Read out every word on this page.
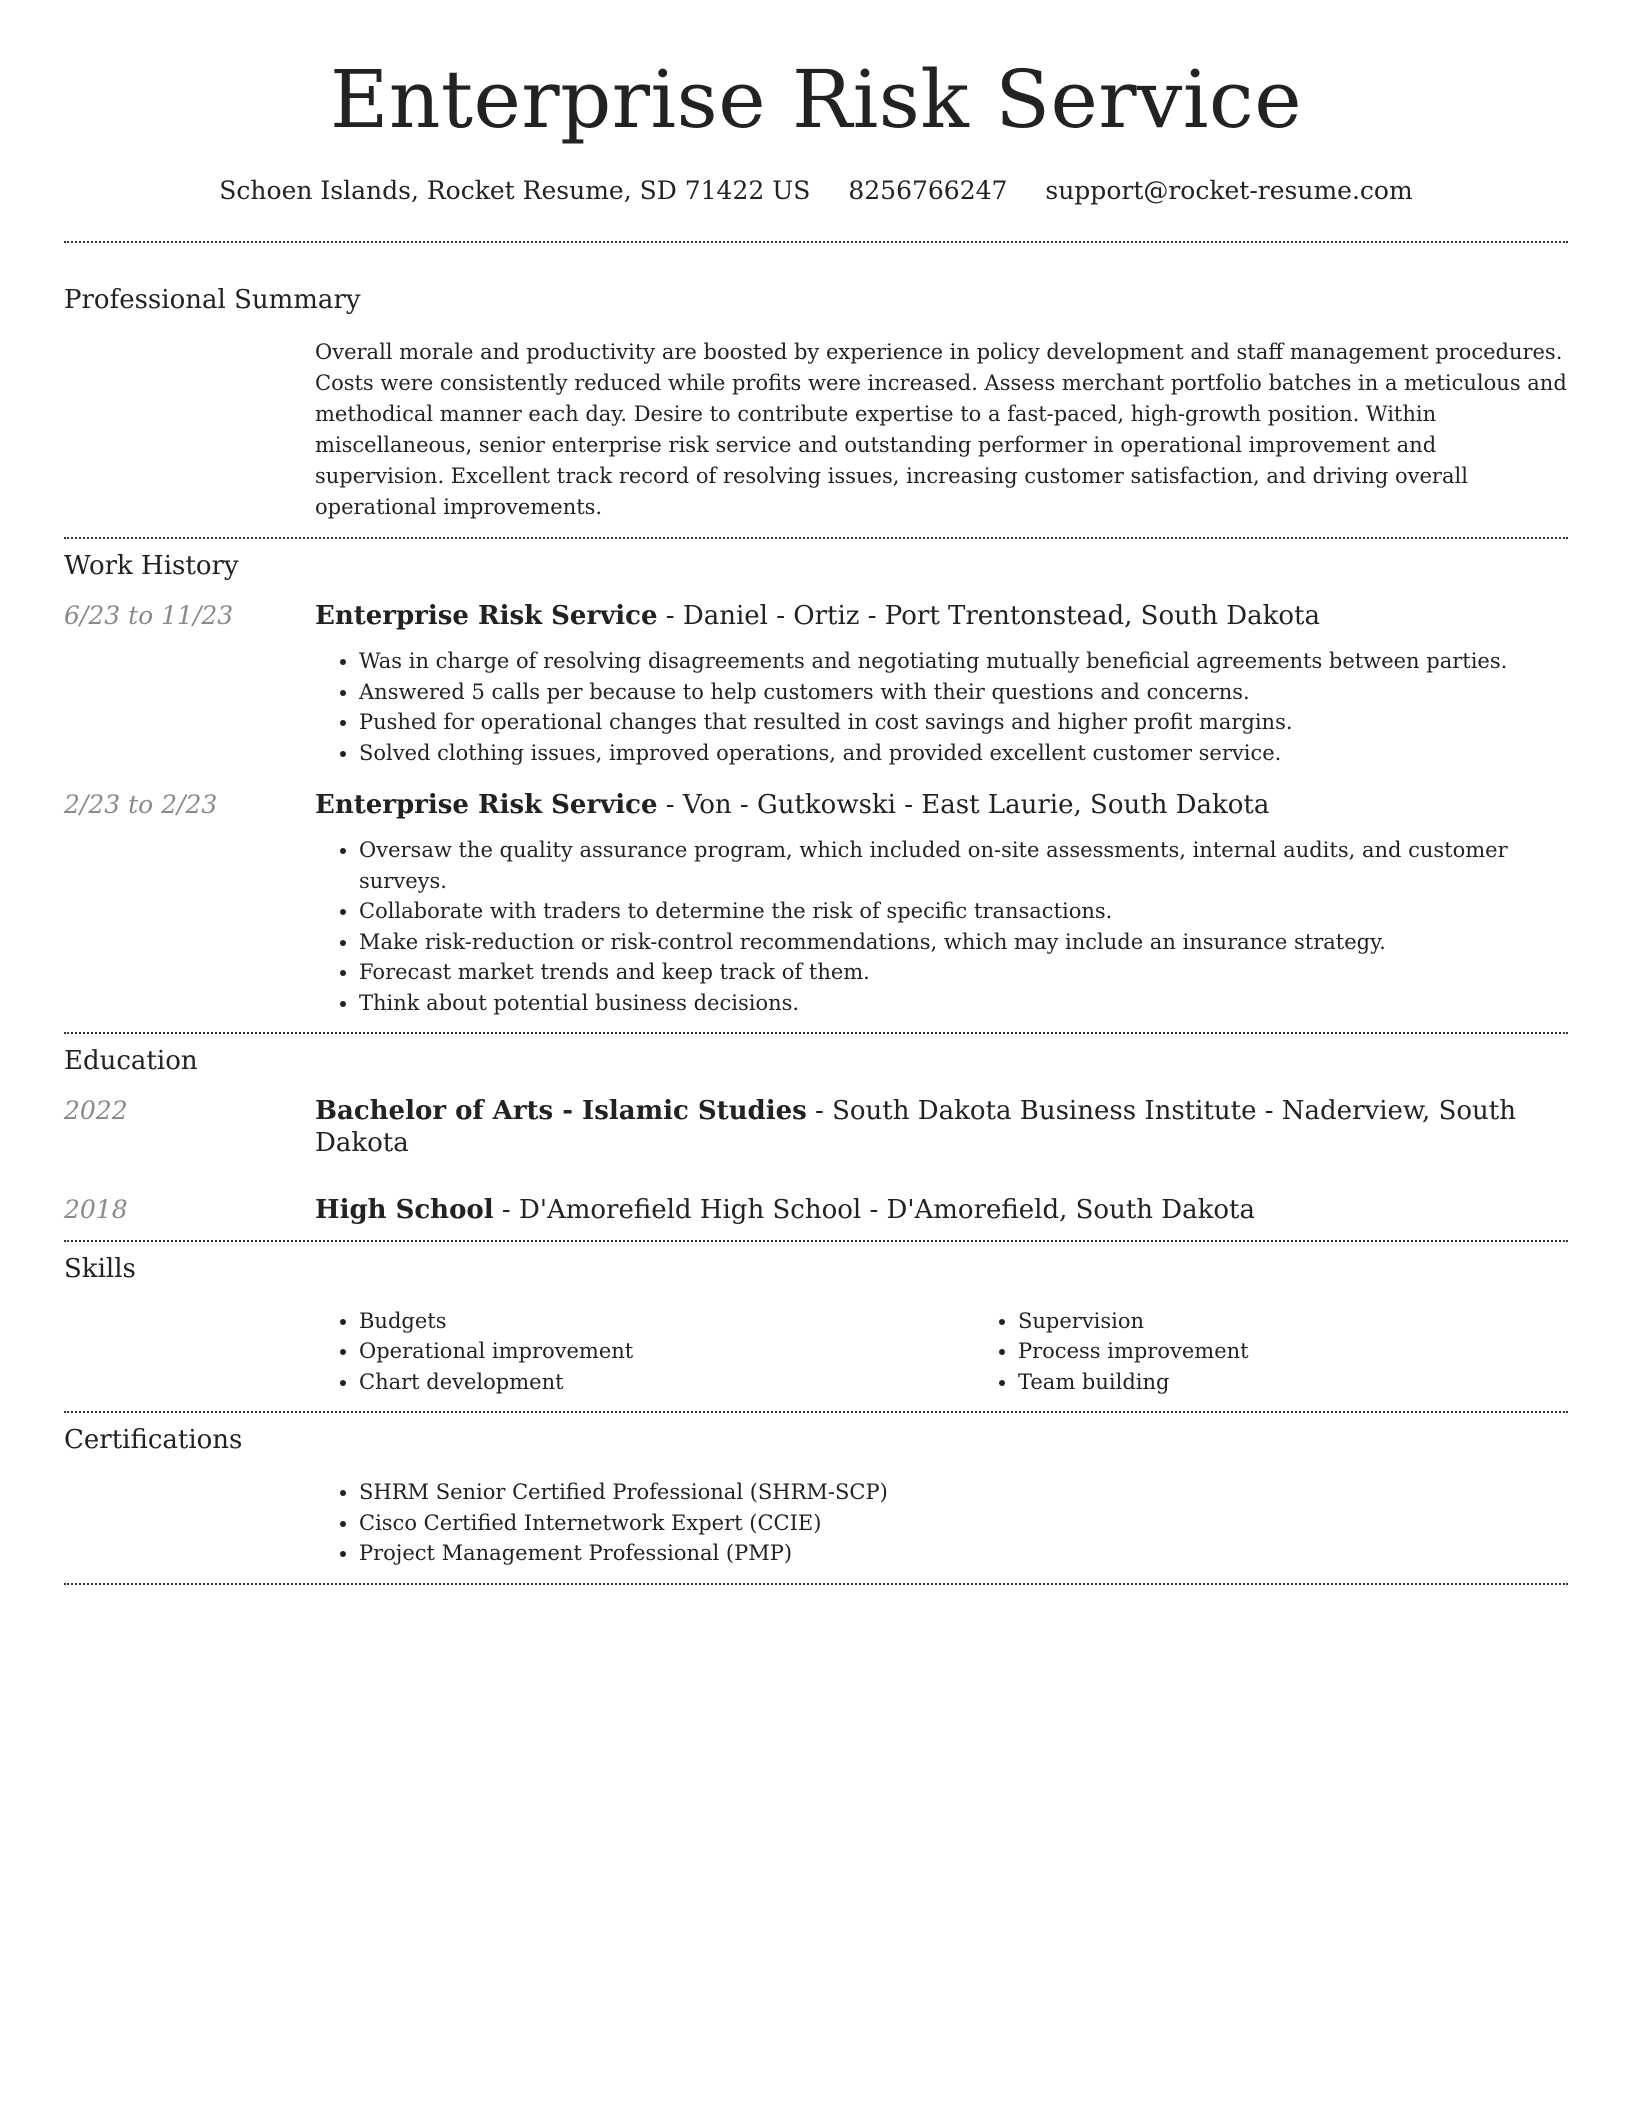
Enterprise Risk Service
Schoen Islands, Rocket Resume, SD 71422 US 8256766247 support@rocket-resume.com
Professional Summary

Overall morale and productivity are boosted by experience in policy development and staff management procedures. Costs were consistently reduced while profits were increased. Assess merchant portfolio batches in a meticulous and methodical manner each day. Desire to contribute expertise to a fast-paced, high-growth position. Within miscellaneous, senior enterprise risk service and outstanding performer in operational improvement and supervision. Excellent track record of resolving issues, increasing customer satisfaction, and driving overall operational improvements.

Work History
6/23 to 11/23	Enterprise Risk Service - Daniel - Ortiz - Port Trentonstead, South Dakota
• Was in charge of resolving disagreements and negotiating mutually beneficial agreements between parties.
• Answered 5 calls per because to help customers with their questions and concerns.
• Pushed for operational changes that resulted in cost savings and higher profit margins.
• Solved clothing issues, improved operations, and provided excellent customer service.
2/23 to 2/23	Enterprise Risk Service - Von - Gutkowski - East Laurie, South Dakota
• Oversaw the quality assurance program, which included on-site assessments, internal audits, and customer surveys.
• Collaborate with traders to determine the risk of specific transactions.
• Make risk-reduction or risk-control recommendations, which may include an insurance strategy.
• Forecast market trends and keep track of them.
• Think about potential business decisions.
Education
2022	Bachelor of Arts - Islamic Studies - South Dakota Business Institute - Naderview, South Dakota
2018	High School - D'Amorefield High School - D'Amorefield, South Dakota
Skills
• Budgets
• Operational improvement
• Chart development
• Supervision
• Process improvement
• Team building
Certifications
• SHRM Senior Certified Professional (SHRM-SCP)
• Cisco Certified Internetwork Expert (CCIE)
• Project Management Professional (PMP)
